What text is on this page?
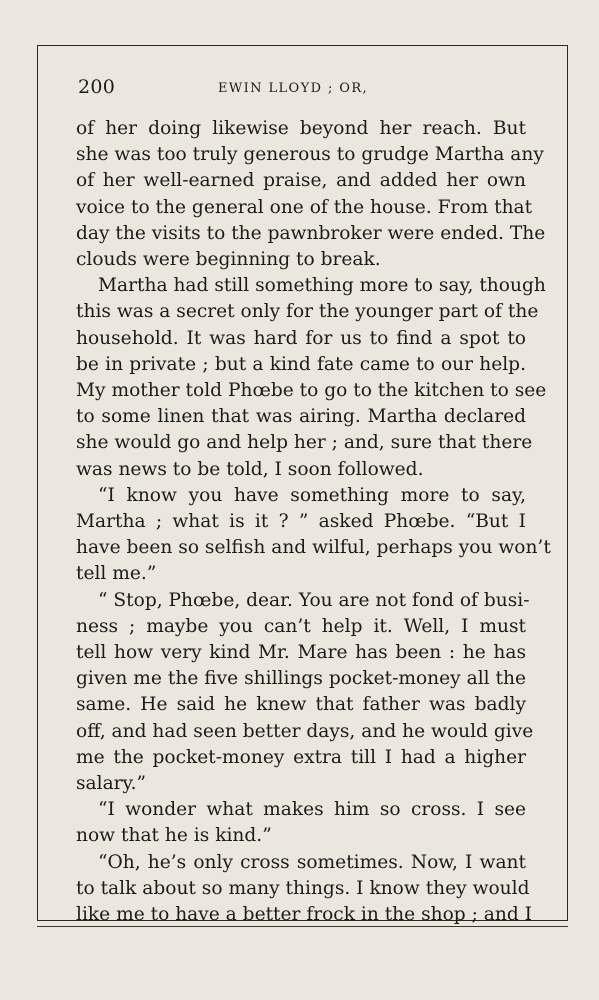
200	EWIN LLOYD ; OR,
of her doing likewise beyond her reach. But
she was too truly generous to grudge Martha any
of her well-earned praise, and added her own
voice to the general one of the house. From that
day the visits to the pawnbroker were ended. The
clouds were beginning to break.
Martha had still something more to say, though
this was a secret only for the younger part of the
household. It was hard for us to find a spot to
be in private ; but a kind fate came to our help.
My mother told Phœbe to go to the kitchen to see
to some linen that was airing. Martha declared
she would go and help her ; and, sure that there
was news to be told, I soon followed.
“I know you have something more to say,
Martha ; what is it ? ” asked Phœbe. “But I
have been so selfish and wilful, perhaps you won’t
tell me.”
“ Stop, Phœbe, dear. You are not fond of busi-
ness ; maybe you can’t help it. Well, I must
tell how very kind Mr. Mare has been : he has
given me the five shillings pocket-money all the
same. He said he knew that father was badly
off, and had seen better days, and he would give
me the pocket-money extra till I had a higher
salary.”
“I wonder what makes him so cross. I see
now that he is kind.”
“Oh, he’s only cross sometimes. Now, I want
to talk about so many things. I know they would
like me to have a better frock in the shop ; and I
